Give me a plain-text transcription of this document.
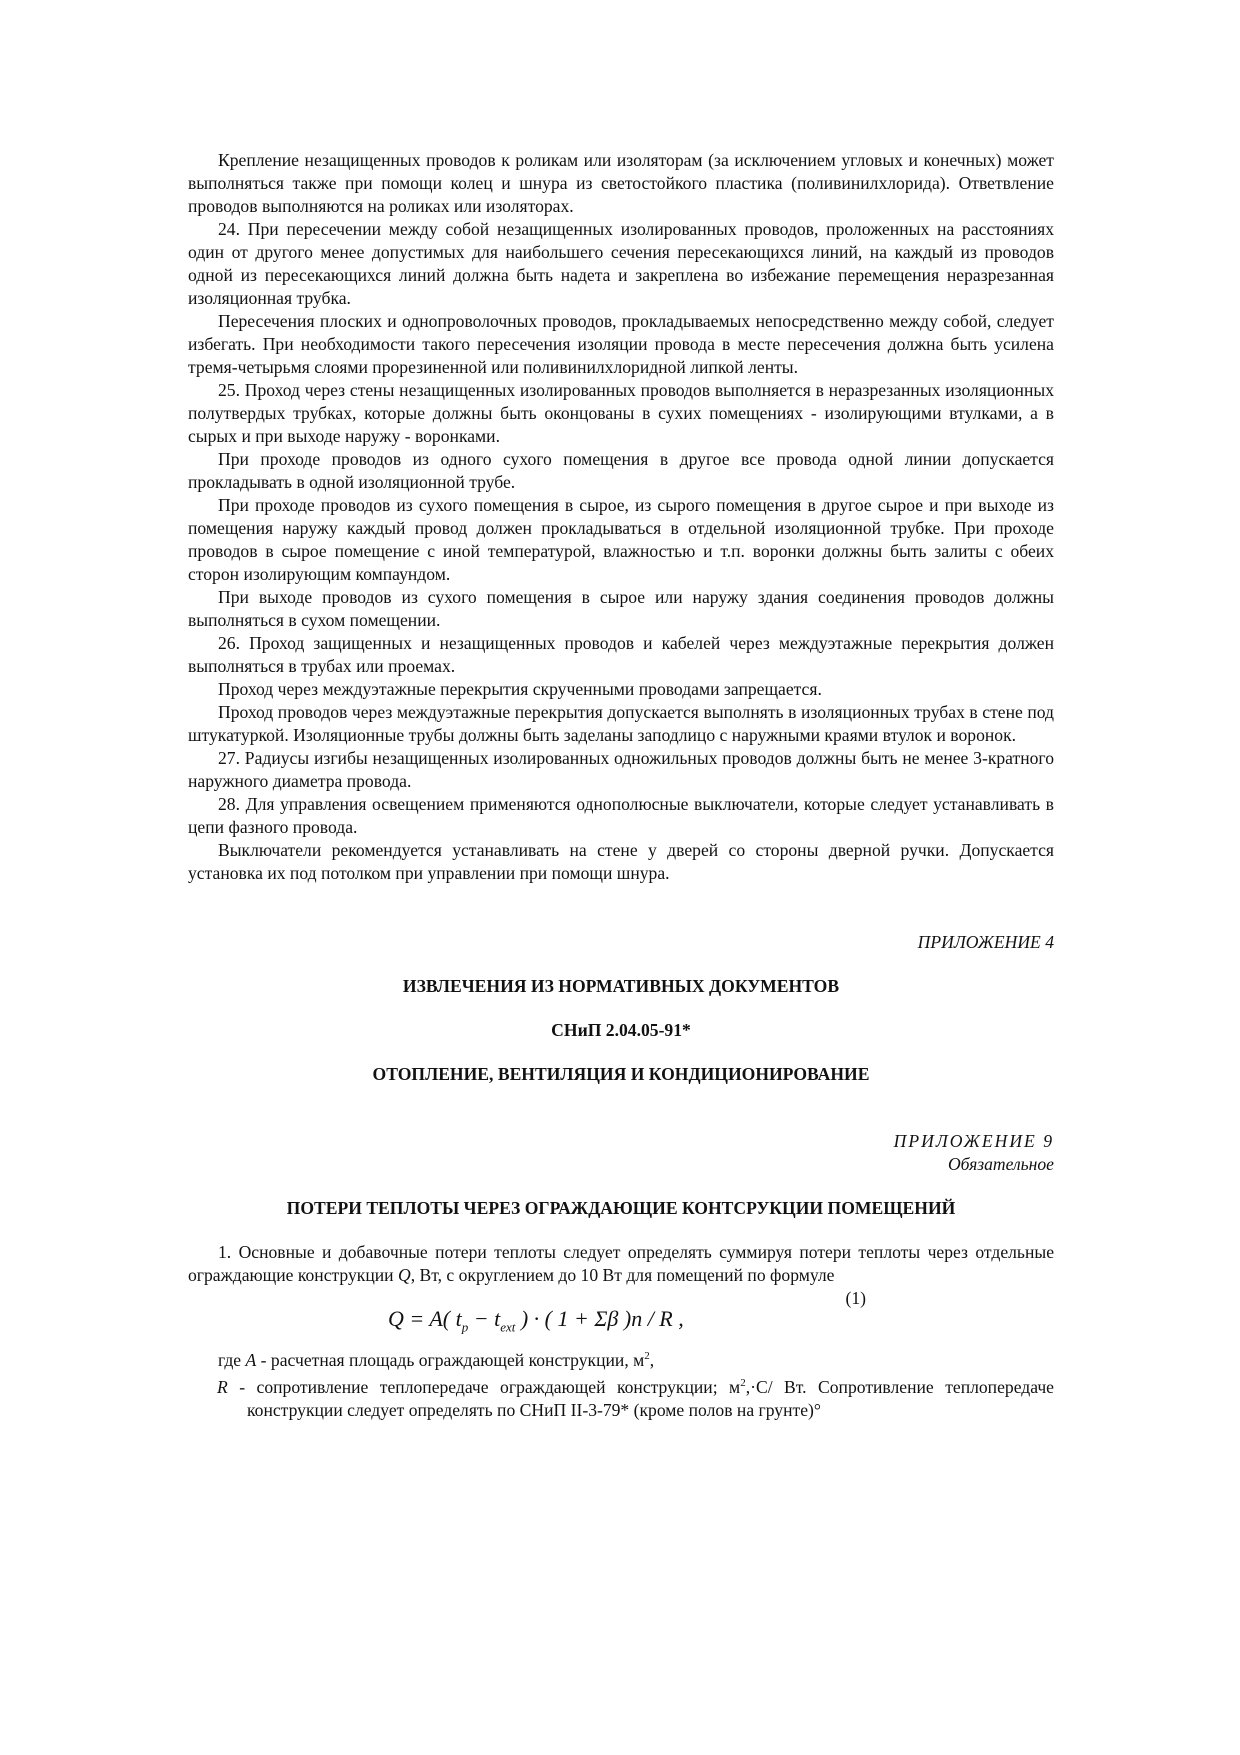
Крепление незащищенных проводов к роликам или изоляторам (за исключением угловых и конечных) может выполняться также при помощи колец и шнура из светостойкого пластика (поливинилхлорида). Ответвление проводов выполняются на роликах или изоляторах.

24. При пересечении между собой незащищенных изолированных проводов, проложенных на расстояниях один от другого менее допустимых для наибольшего сечения пересекающихся линий, на каждый из проводов одной из пересекающихся линий должна быть надета и закреплена во избежание перемещения неразрезанная изоляционная трубка.

Пересечения плоских и однопроволочных проводов, прокладываемых непосредственно между собой, следует избегать. При необходимости такого пересечения изоляции провода в месте пересечения должна быть усилена тремя-четырьмя слоями прорезиненной или поливинилхлоридной липкой ленты.

25. Проход через стены незащищенных изолированных проводов выполняется в неразрезанных изоляционных полутвердых трубках, которые должны быть оконцованы в сухих помещениях - изолирующими втулками, а в сырых и при выходе наружу - воронками.

При проходе проводов из одного сухого помещения в другое все провода одной линии допускается прокладывать в одной изоляционной трубе.

При проходе проводов из сухого помещения в сырое, из сырого помещения в другое сырое и при выходе из помещения наружу каждый провод должен прокладываться в отдельной изоляционной трубке. При проходе проводов в сырое помещение с иной температурой, влажностью и т.п. воронки должны быть залиты с обеих сторон изолирующим компаундом.

При выходе проводов из сухого помещения в сырое или наружу здания соединения проводов должны выполняться в сухом помещении.

26. Проход защищенных и незащищенных проводов и кабелей через междуэтажные перекрытия должен выполняться в трубах или проемах.

Проход через междуэтажные перекрытия скрученными проводами запрещается.

Проход проводов через междуэтажные перекрытия допускается выполнять в изоляционных трубах в стене под штукатуркой. Изоляционные трубы должны быть заделаны заподлицо с наружными краями втулок и воронок.

27. Радиусы изгибы незащищенных изолированных одножильных проводов должны быть не менее 3-кратного наружного диаметра провода.

28. Для управления освещением применяются однополюсные выключатели, которые следует устанавливать в цепи фазного провода.

Выключатели рекомендуется устанавливать на стене у дверей со стороны дверной ручки. Допускается установка их под потолком при управлении при помощи шнура.

ПРИЛОЖЕНИЕ 4

ИЗВЛЕЧЕНИЯ ИЗ НОРМАТИВНЫХ ДОКУМЕНТОВ

СНиП 2.04.05-91*

ОТОПЛЕНИЕ, ВЕНТИЛЯЦИЯ И КОНДИЦИОНИРОВАНИЕ

ПРИЛОЖЕНИЕ 9

Обязательное

ПОТЕРИ ТЕПЛОТЫ ЧЕРЕЗ ОГРАЖДАЮЩИЕ КОНТСРУКЦИИ ПОМЕЩЕНИЙ

1. Основные и добавочные потери теплоты следует определять суммируя потери теплоты через отдельные ограждающие конструкции Q, Вт, с округлением до 10 Вт для помещений по формуле

(1)
Q = A( $t_p - t_{ext}$ ) · ( 1 + Σβ )n / R ,

где A - расчетная площадь ограждающей конструкции, $м^2$,

R - сопротивление теплопередаче ограждающей конструкции; $м^2,\cdot С/$ Вт. Сопротивление теплопередаче конструкции следует определять по СНиП II-3-79* (кроме полов на грунте)°
